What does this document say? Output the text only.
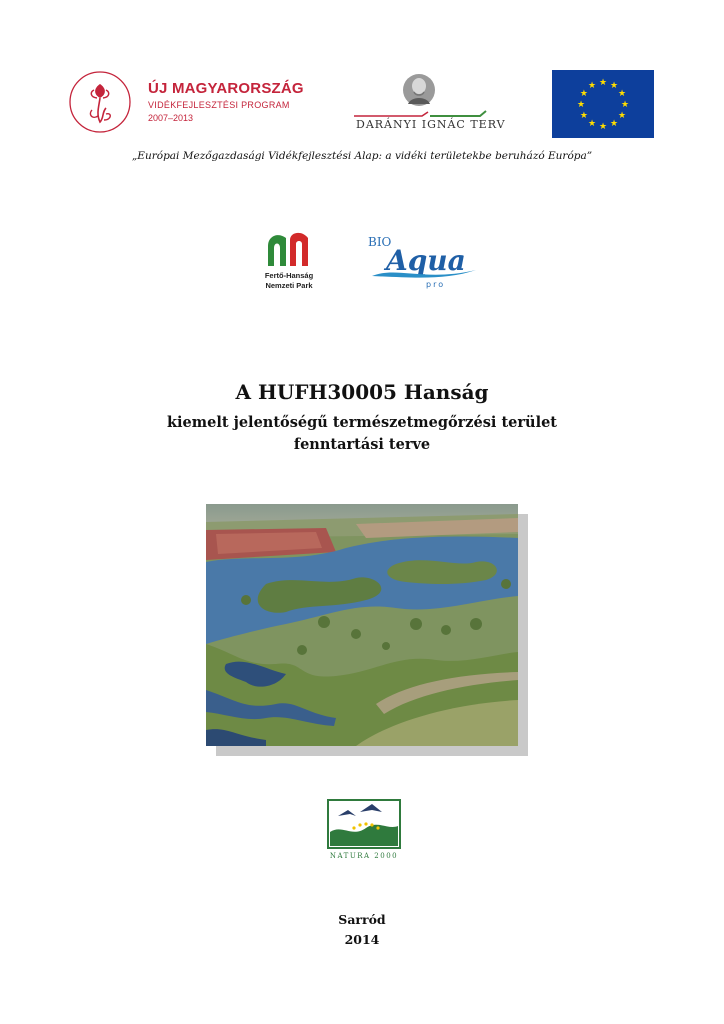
ÚJ MAGYARORSZÁG
VIDÉKFEJLESZTÉSI PROGRAM
2007–2013	DARÁNYI IGNÁC TERV
★ ★
★
★
★
★
★
★
★
★
★
★
„Európai Mezőgazdasági Vidékfejlesztési Alap: a vidéki területekbe beruházó Európa”
Fertő-Hanság
Nemzeti Park
BIO
Aqua
pro
A HUFH30005 Hanság
kiemelt jelentőségű természetmegőrzési terület
fenntartási terve
NATURA 2000
Sarród
2014
